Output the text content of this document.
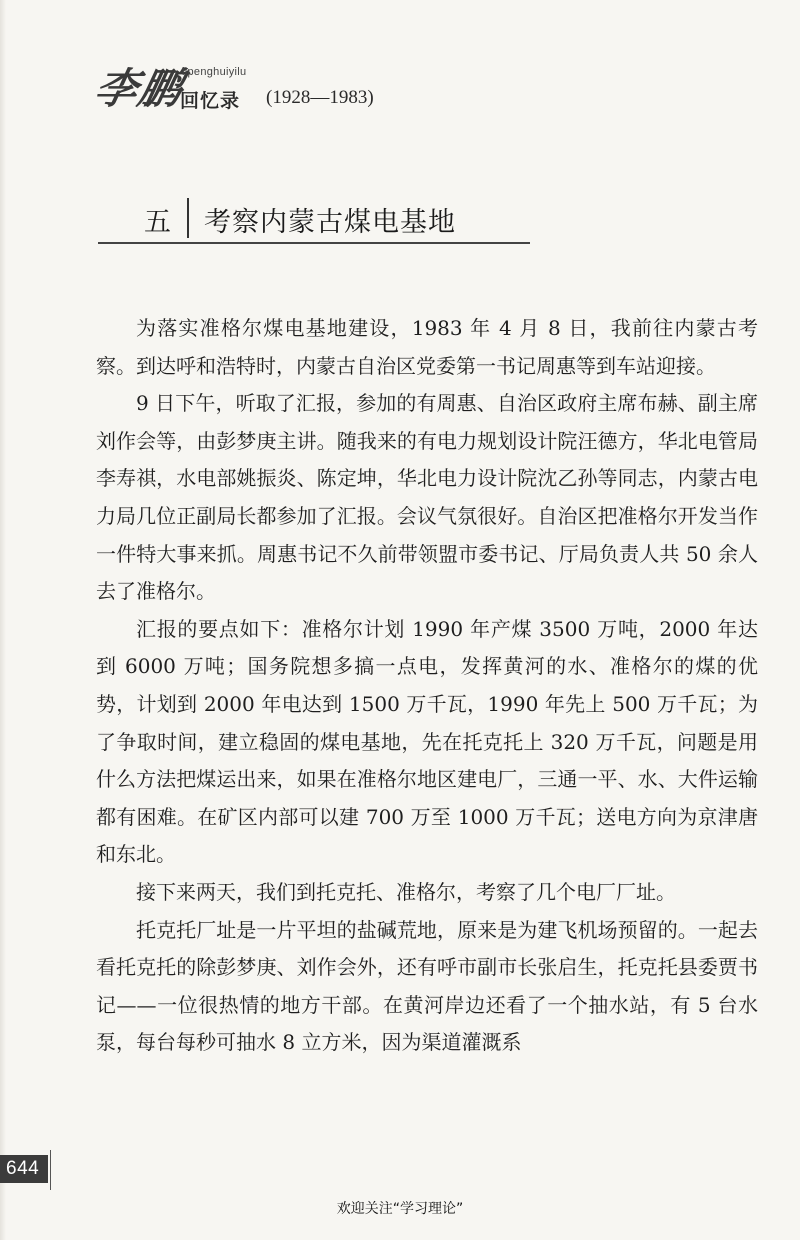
李鹏
lipenghuiyilu
回忆录 (1928—1983)
五 考察内蒙古煤电基地

为落实准格尔煤电基地建设，1983 年 4 月 8 日，我前往内蒙古考察。到达呼和浩特时，内蒙古自治区党委第一书记周惠等到车站迎接。

9 日下午，听取了汇报，参加的有周惠、自治区政府主席布赫、副主席刘作会等，由彭梦庚主讲。随我来的有电力规划设计院汪德方，华北电管局李寿祺，水电部姚振炎、陈定坤，华北电力设计院沈乙孙等同志，内蒙古电力局几位正副局长都参加了汇报。会议气氛很好。自治区把准格尔开发当作一件特大事来抓。周惠书记不久前带领盟市委书记、厅局负责人共 50 余人去了准格尔。

汇报的要点如下：准格尔计划 1990 年产煤 3500 万吨，2000 年达到 6000 万吨；国务院想多搞一点电，发挥黄河的水、准格尔的煤的优势，计划到 2000 年电达到 1500 万千瓦，1990 年先上 500 万千瓦；为了争取时间，建立稳固的煤电基地，先在托克托上 320 万千瓦，问题是用什么方法把煤运出来，如果在准格尔地区建电厂，三通一平、水、大件运输都有困难。在矿区内部可以建 700 万至 1000 万千瓦；送电方向为京津唐和东北。

接下来两天，我们到托克托、准格尔，考察了几个电厂厂址。

托克托厂址是一片平坦的盐碱荒地，原来是为建飞机场预留的。一起去看托克托的除彭梦庚、刘作会外，还有呼市副市长张启生，托克托县委贾书记——一位很热情的地方干部。在黄河岸边还看了一个抽水站，有 5 台水泵，每台每秒可抽水 8 立方米，因为渠道灌溉系

644
欢迎关注“学习理论”
